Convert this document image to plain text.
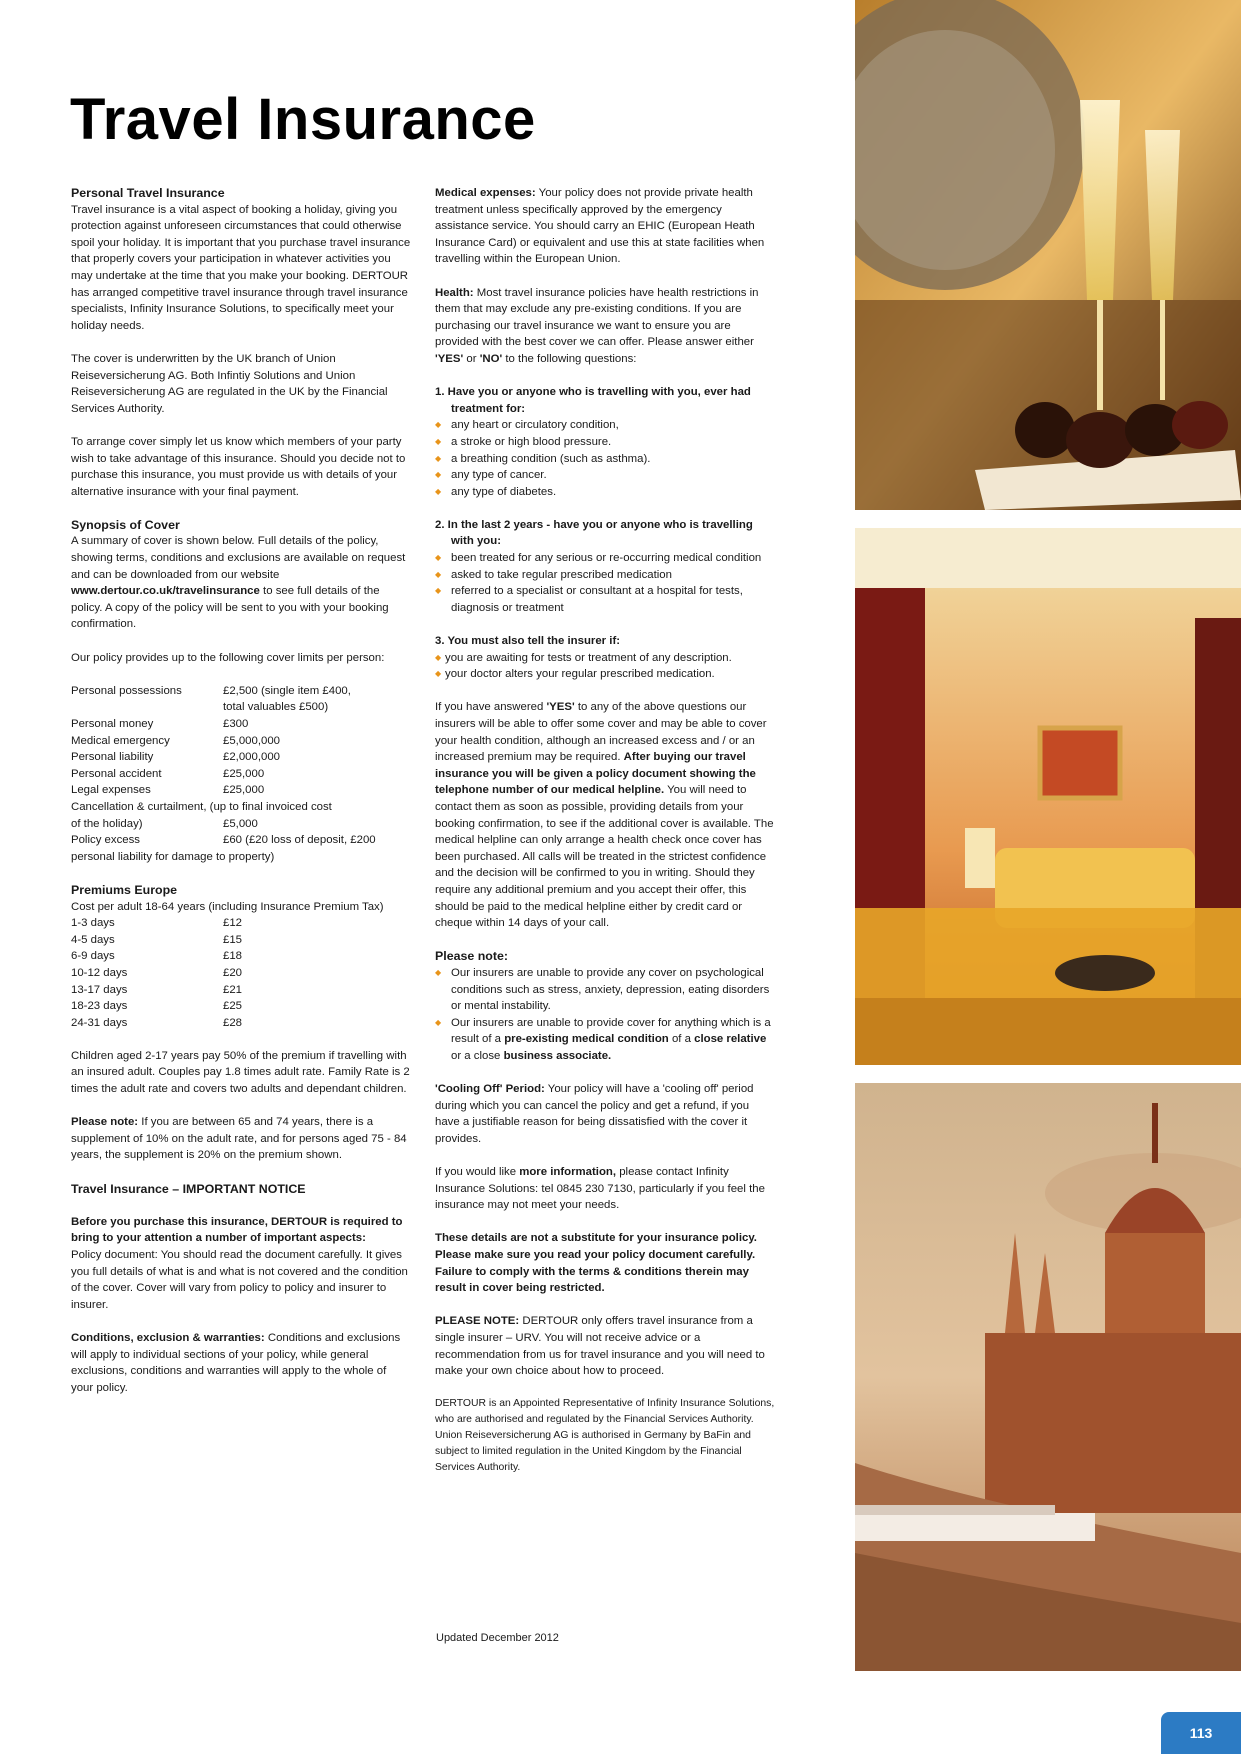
Travel Insurance
Personal Travel Insurance

Travel insurance is a vital aspect of booking a holiday, giving you protection against unforeseen circumstances that could otherwise spoil your holiday. It is important that you purchase travel insurance that properly covers your participation in whatever activities you may undertake at the time that you make your booking. DERTOUR has arranged competitive travel insurance through travel insurance specialists, Infinity Insurance Solutions, to specifically meet your holiday needs.

The cover is underwritten by the UK branch of Union Reiseversicherung AG. Both Infintiy Solutions and Union Reiseversicherung AG are regulated in the UK by the Financial Services Authority.

To arrange cover simply let us know which members of your party wish to take advantage of this insurance. Should you decide not to purchase this insurance, you must provide us with details of your alternative insurance with your final payment.

Synopsis of Cover

A summary of cover is shown below. Full details of the policy, showing terms, conditions and exclusions are available on request and can be downloaded from our website www.dertour.co.uk/travelinsurance to see full details of the policy. A copy of the policy will be sent to you with your booking confirmation.

Our policy provides up to the following cover limits per person:

Personal possessions	£2,500 (single item £400,
total valuables £500)

Personal money	£300
Medical emergency	£5,000,000
Personal liability	£2,000,000
Personal accident	£25,000
Legal expenses	£25,000
Cancellation & curtailment, (up to final invoiced cost	
of the holiday)	£5,000
Policy excess	£60 (£20 loss of deposit, £200
personal liability for damage to property)	
Premiums Europe
Cost per adult 18-64 years (including Insurance Premium Tax)
1-3 days	£12
4-5 days	£15
6-9 days	£18
10-12 days	£20
13-17 days	£21
18-23 days	£25
24-31 days	£28

Children aged 2-17 years pay 50% of the premium if travelling with an insured adult. Couples pay 1.8 times adult rate. Family Rate is 2 times the adult rate and covers two adults and dependant children.

Please note: If you are between 65 and 74 years, there is a supplement of 10% on the adult rate, and for persons aged 75 - 84 years, the supplement is 20% on the premium shown.

Travel Insurance – IMPORTANT NOTICE
Before you purchase this insurance, DERTOUR is required to bring to your attention a number of important aspects:

Policy document: You should read the document carefully. It gives you full details of what is and what is not covered and the condition of the cover. Cover will vary from policy to policy and insurer to insurer.

Conditions, exclusion & warranties: Conditions and exclusions will apply to individual sections of your policy, while general exclusions, conditions and warranties will apply to the whole of your policy.

Medical expenses: Your policy does not provide private health treatment unless specifically approved by the emergency assistance service. You should carry an EHIC (European Heath Insurance Card) or equivalent and use this at state facilities when travelling within the European Union.

Health: Most travel insurance policies have health restrictions in them that may exclude any pre-existing conditions. If you are purchasing our travel insurance we want to ensure you are provided with the best cover we can offer. Please answer either 'YES' or 'NO' to the following questions:

1. Have you or anyone who is travelling with you, ever had treatment for:
◆ any heart or circulatory condition,
◆ a stroke or high blood pressure.
◆ a breathing condition (such as asthma).
◆ any type of cancer.
◆ any type of diabetes.
2. In the last 2 years - have you or anyone who is travelling with you:
◆ been treated for any serious or re-occurring medical condition
◆ asked to take regular prescribed medication
◆ referred to a specialist or consultant at a hospital for tests, diagnosis or treatment
3. You must also tell the insurer if:
◆ you are awaiting for tests or treatment of any description.
◆ your doctor alters your regular prescribed medication.

If you have answered 'YES' to any of the above questions our insurers will be able to offer some cover and may be able to cover your health condition, although an increased excess and / or an increased premium may be required. After buying our travel insurance you will be given a policy document showing the telephone number of our medical helpline. You will need to contact them as soon as possible, providing details from your booking confirmation, to see if the additional cover is available. The medical helpline can only arrange a health check once cover has been purchased. All calls will be treated in the strictest confidence and the decision will be confirmed to you in writing. Should they require any additional premium and you accept their offer, this should be paid to the medical helpline either by credit card or cheque within 14 days of your call.

Please note:
◆ Our insurers are unable to provide any cover on psychological conditions such as stress, anxiety, depression, eating disorders or mental instability.
◆ Our insurers are unable to provide cover for anything which is a result of a pre-existing medical condition of a close relative or a close business associate.

'Cooling Off' Period: Your policy will have a 'cooling off' period during which you can cancel the policy and get a refund, if you have a justifiable reason for being dissatisfied with the cover it provides.

If you would like more information, please contact Infinity Insurance Solutions: tel 0845 230 7130, particularly if you feel the insurance may not meet your needs.

These details are not a substitute for your insurance policy. Please make sure you read your policy document carefully. Failure to comply with the terms & conditions therein may result in cover being restricted.

PLEASE NOTE: DERTOUR only offers travel insurance from a single insurer – URV. You will not receive advice or a recommendation from us for travel insurance and you will need to make your own choice about how to proceed.

DERTOUR is an Appointed Representative of Infinity Insurance Solutions, who are authorised and regulated by the Financial Services Authority. Union Reiseversicherung AG is authorised in Germany by BaFin and subject to limited regulation in the United Kingdom by the Financial Services Authority.

Updated December 2012
113
